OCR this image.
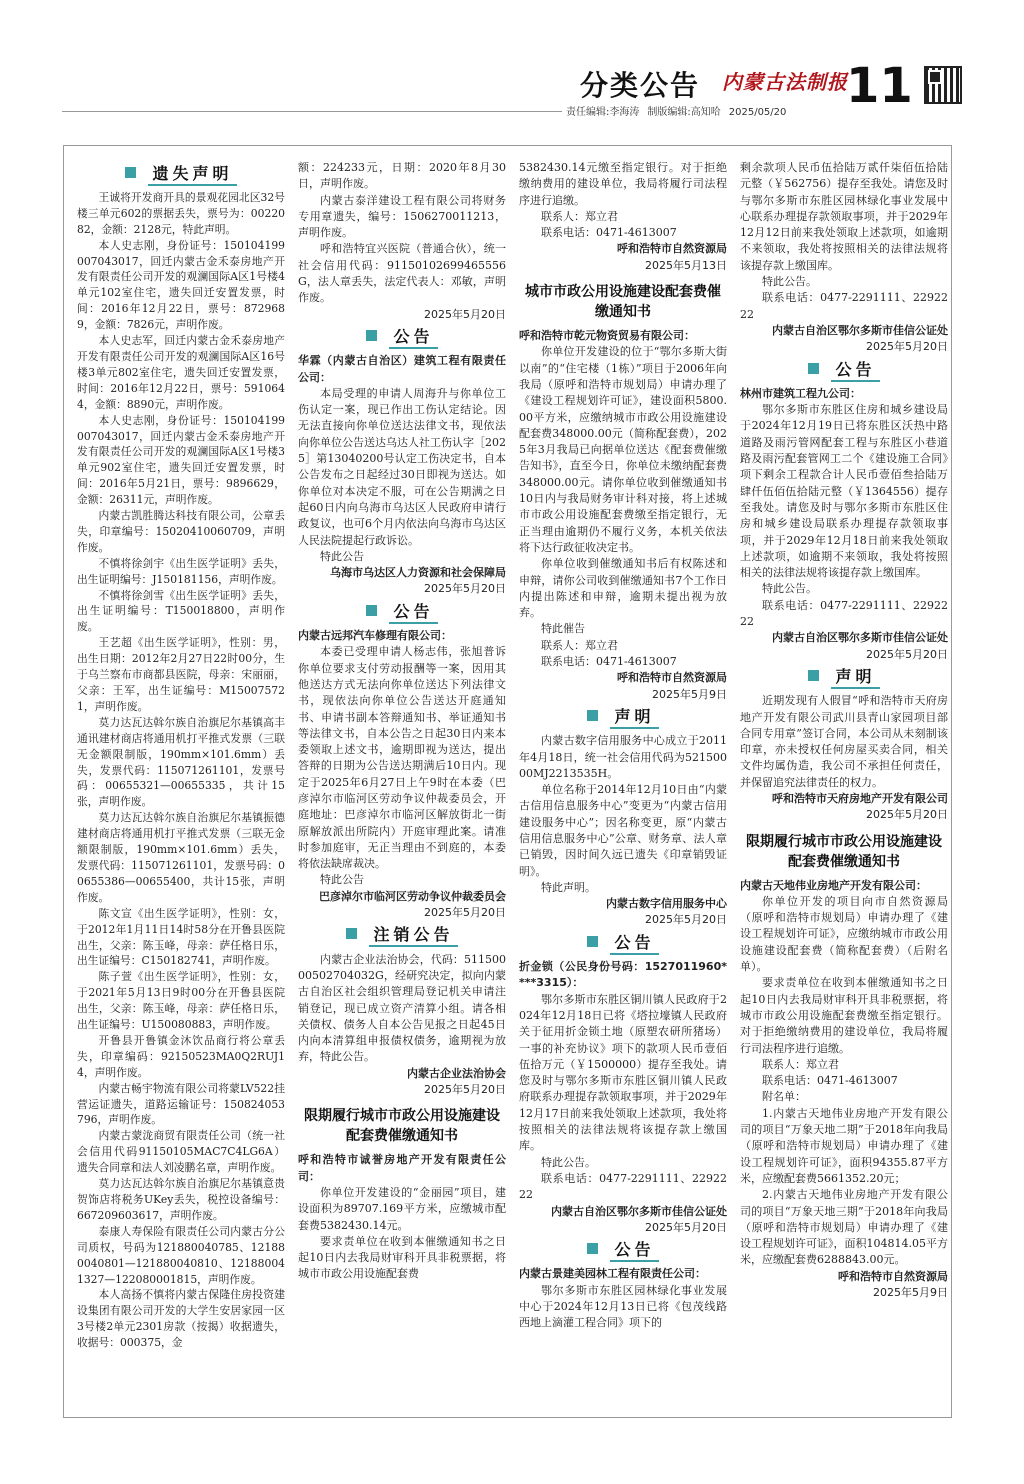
分类公告 内蒙古法制报
11
责任编辑:李海涛 制版编辑:高知哈 2025/05/20
遗失声明

王诚将开发商开具的景观花园北区32号楼三单元602的票据丢失，票号为：0022082，金额：2128元，特此声明。

本人史志刚，身份证号：150104199007043017，回迁内蒙古金禾泰房地产开发有限责任公司开发的观澜国际A区1号楼4单元102室住宅，遗失回迁安置发票，时间：2016年12月22日，票号：8729689，金额：7826元，声明作废。

本人史志军，回迁内蒙古金禾泰房地产开发有限责任公司开发的观澜国际A区16号楼3单元802室住宅，遗失回迁安置发票，时间：2016年12月22日，票号：5910644，金额：8890元，声明作废。

本人史志刚，身份证号：150104199007043017，回迁内蒙古金禾泰房地产开发有限责任公司开发的观澜国际A区1号楼3单元902室住宅，遗失回迁安置发票，时间：2016年5月21日，票号：9896629，金额：26311元，声明作废。

内蒙古凯胜腾达科技有限公司，公章丢失，印章编号：15020410060709，声明作废。

不慎将徐剑宇《出生医学证明》丢失，出生证明编号：J150181156，声明作废。

不慎将徐剑雪《出生医学证明》丢失，出生证明编号：T150018800，声明作废。

王艺超《出生医学证明》，性别：男，出生日期：2012年2月27日22时00分，生于乌兰察布市商都县医院，母亲：宋丽丽，父亲：王军，出生证编号：M150075721，声明作废。

莫力达瓦达斡尔族自治旗尼尔基镇高丰通讯建材商店将通用机打平推式发票（三联无金额限制版，190mm×101.6mm）丢失，发票代码：115071261101，发票号码：00655321—00655335，共计15张，声明作废。

莫力达瓦达斡尔族自治旗尼尔基镇振德建材商店将通用机打平推式发票（三联无金额限制版，190mm×101.6mm）丢失，发票代码：115071261101，发票号码：00655386—00655400，共计15张，声明作废。

陈文宣《出生医学证明》，性别：女，于2012年1月11日14时58分在开鲁县医院出生，父亲：陈玉峰，母亲：萨任格日乐，出生证编号：C150182741，声明作废。

陈子萱《出生医学证明》，性别：女，于2021年5月13日9时00分在开鲁县医院出生，父亲：陈玉峰，母亲：萨任格日乐，出生证编号：U150080883，声明作废。

开鲁县开鲁镇金沐饮品商行将公章丢失，印章编码：92150523MA0Q2RUJ14，声明作废。

内蒙古畅宇物流有限公司将蒙LV522挂营运证遗失，道路运输证号：150824053796，声明作废。

内蒙古蒙泷商贸有限责任公司（统一社会信用代码91150105MAC7C4LG6A）遗失合同章和法人刘凌鹏名章，声明作废。

莫力达瓦达斡尔族自治旗尼尔基镇意贵贺饰店将税务UKey丢失，税控设备编号：667209603617，声明作废。

泰康人寿保险有限责任公司内蒙古分公司质权，号码为121880040785、121880040801—121880040810、121880041327—122080001815，声明作废。

本人高扬不慎将内蒙古保隆住房投资建设集团有限公司开发的大学生安居家园一区3号楼2单元2301房款（按揭）收据遗失，收据号：000375，金

额：224233元，日期：2020年8月30日，声明作废。

内蒙古泰洋建设工程有限公司将财务专用章遗失，编号：1506270011213，声明作废。

呼和浩特宜兴医院（普通合伙），统一社会信用代码：91150102699465556G，法人章丢失，法定代表人：邓敏，声明作废。

2025年5月20日

公告

华霖（内蒙古自治区）建筑工程有限责任公司：

本局受理的申请人周海升与你单位工伤认定一案，现已作出工伤认定结论。因无法直接向你单位送达法律文书，现依法向你单位公告送达乌达人社工伤认字［2025］第13040200号认定工伤决定书，自本公告发布之日起经过30日即视为送达。如你单位对本决定不服，可在公告期满之日起60日内向乌海市乌达区人民政府申请行政复议，也可6个月内依法向乌海市乌达区人民法院提起行政诉讼。

特此公告

乌海市乌达区人力资源和社会保障局

2025年5月20日

公告

内蒙古远邦汽车修理有限公司：

本委已受理申请人杨志伟，张旭普诉你单位要求支付劳动报酬等一案，因用其他送达方式无法向你单位送达下列法律文书，现依法向你单位公告送达开庭通知书、申请书副本答辩通知书、举证通知书等法律文书，自本公告之日起30日内来本委领取上述文书，逾期即视为送达，提出答辩的日期为公告送达期满后10日内。现定于2025年6月27日上午9时在本委（巴彦淖尔市临河区劳动争议仲裁委员会，开庭地址：巴彦淖尔市临河区解放街北一街原解放派出所院内）开庭审理此案。请准时参加庭审，无正当理由不到庭的，本委将依法缺席裁决。

特此公告

巴彦淖尔市临河区劳动争议仲裁委员会

2025年5月20日

注销公告

内蒙古企业法治协会，代码：51150000502704032G，经研究决定，拟向内蒙古自治区社会组织管理局登记机关申请注销登记，现已成立资产清算小组。请各相关债权、债务人自本公告见报之日起45日内向本清算组申报债权债务，逾期视为放弃，特此公告。

内蒙古企业法治协会

2025年5月20日

限期履行城市市政公用设施建设配套费催缴通知书

呼和浩特市诚誉房地产开发有限责任公司：

你单位开发建设的“金丽园”项目，建设面积为89707.169平方米，应缴城市配套费5382430.14元。

要求责单位在收到本催缴通知书之日起10日内去我局财审科开具非税票据，将城市市政公用设施配套费

5382430.14元缴至指定银行。对于拒绝缴纳费用的建设单位，我局将履行司法程序进行追缴。

联系人：郑立君

联系电话：0471-4613007

呼和浩特市自然资源局

2025年5月13日

城市市政公用设施建设配套费催缴通知书

呼和浩特市乾元物资贸易有限公司：

你单位开发建设的位于“鄂尔多斯大街以南”的“住宅楼（1栋）”项目于2006年向我局（原呼和浩特市规划局）申请办理了《建设工程规划许可证》，建设面积5800.00平方米，应缴纳城市市政公用设施建设配套费348000.00元（简称配套费），2025年3月我局已向据单位送达《配套费催缴告知书》，直至今日，你单位未缴纳配套费348000.00元。请你单位收到催缴通知书10日内与我局财务审计科对接，将上述城市市政公用设施配套费缴至指定银行，无正当理由逾期仍不履行义务，本机关依法将下达行政征收决定书。

你单位收到催缴通知书后有权陈述和申辩，请你公司收到催缴通知书7个工作日内提出陈述和申辩，逾期未提出视为放弃。

特此催告

联系人：郑立君

联系电话：0471-4613007

呼和浩特市自然资源局

2025年5月9日

声明

内蒙古数字信用服务中心成立于2011年4月18日，统一社会信用代码为52150000MJ2213535H。

单位名称于2014年12月10日由“内蒙古信用信息服务中心”变更为“内蒙古信用建设服务中心”；因名称变更，原“内蒙古信用信息服务中心”公章、财务章、法人章已销毁，因时间久远已遗失《印章销毁证明》。

特此声明。

内蒙古数字信用服务中心

2025年5月20日

公告

折金锁（公民身份号码：1527011960****3315）：

鄂尔多斯市东胜区铜川镇人民政府于2024年12月18日已将《塔拉壕镇人民政府关于征用折金锁土地（原塑农研所猪场）一事的补充协议》项下的款项人民币壹佰伍拾万元（￥1500000）提存至我处。请您及时与鄂尔多斯市东胜区铜川镇人民政府联系办理提存款领取事项，并于2029年12月17日前来我处领取上述款项，我处将按照相关的法律法规将该提存款上缴国库。

特此公告。

联系电话：0477-2291111、2292222

内蒙古自治区鄂尔多斯市佳信公证处

2025年5月20日

公告

内蒙古景建美园林工程有限责任公司：

鄂尔多斯市东胜区园林绿化事业发展中心于2024年12月13日已将《包茂线路西地上滴灌工程合同》项下的

剩余款项人民币伍拾陆万贰仟柒佰伍拾陆元整（￥562756）提存至我处。请您及时与鄂尔多斯市东胜区园林绿化事业发展中心联系办理提存款领取事项，并于2029年12月12日前来我处领取上述款项，如逾期不来领取，我处将按照相关的法律法规将该提存款上缴国库。

特此公告。

联系电话：0477-2291111、2292222

内蒙古自治区鄂尔多斯市佳信公证处

2025年5月20日

公告

林州市建筑工程九公司：

鄂尔多斯市东胜区住房和城乡建设局于2024年12月19日已将东胜区沃热中路道路及雨污管网配套工程与东胜区小巷道路及雨污配套管网工二个《建设施工合同》项下剩余工程款合计人民币壹佰叁拾陆万肆仟伍佰伍拾陆元整（￥1364556）提存至我处。请您及时与鄂尔多斯市东胜区住房和城乡建设局联系办理提存款领取事项，并于2029年12月18日前来我处领取上述款项，如逾期不来领取，我处将按照相关的法律法规将该提存款上缴国库。

特此公告。

联系电话：0477-2291111、2292222

内蒙古自治区鄂尔多斯市佳信公证处

2025年5月20日

声明

近期发现有人假冒“呼和浩特市天府房地产开发有限公司武川县青山家园项目部合同专用章”签订合同，本公司从未刻制该印章，亦未授权任何房屋买卖合同，相关文件均属伪造，我公司不承担任何责任，并保留追究法律责任的权力。

呼和浩特市天府房地产开发有限公司

2025年5月20日

限期履行城市市政公用设施建设配套费催缴通知书

内蒙古天地伟业房地产开发有限公司：

你单位开发的项目向市自然资源局（原呼和浩特市规划局）申请办理了《建设工程规划许可证》，应缴纳城市市政公用设施建设配套费（简称配套费）（后附名单）。

要求责单位在收到本催缴通知书之日起10日内去我局财审科开具非税票据，将城市市政公用设施配套费缴至指定银行。对于拒绝缴纳费用的建设单位，我局将履行司法程序进行追缴。

联系人：郑立君

联系电话：0471-4613007

附名单：

1.内蒙古天地伟业房地产开发有限公司的项目“万象天地二期”于2018年向我局（原呼和浩特市规划局）申请办理了《建设工程规划许可证》，面积94355.87平方米，应缴配套费5661352.20元；

2.内蒙古天地伟业房地产开发有限公司的项目“万象天地三期”于2018年向我局（原呼和浩特市规划局）申请办理了《建设工程规划许可证》，面积104814.05平方米，应缴配套费6288843.00元。

呼和浩特市自然资源局

2025年5月9日
